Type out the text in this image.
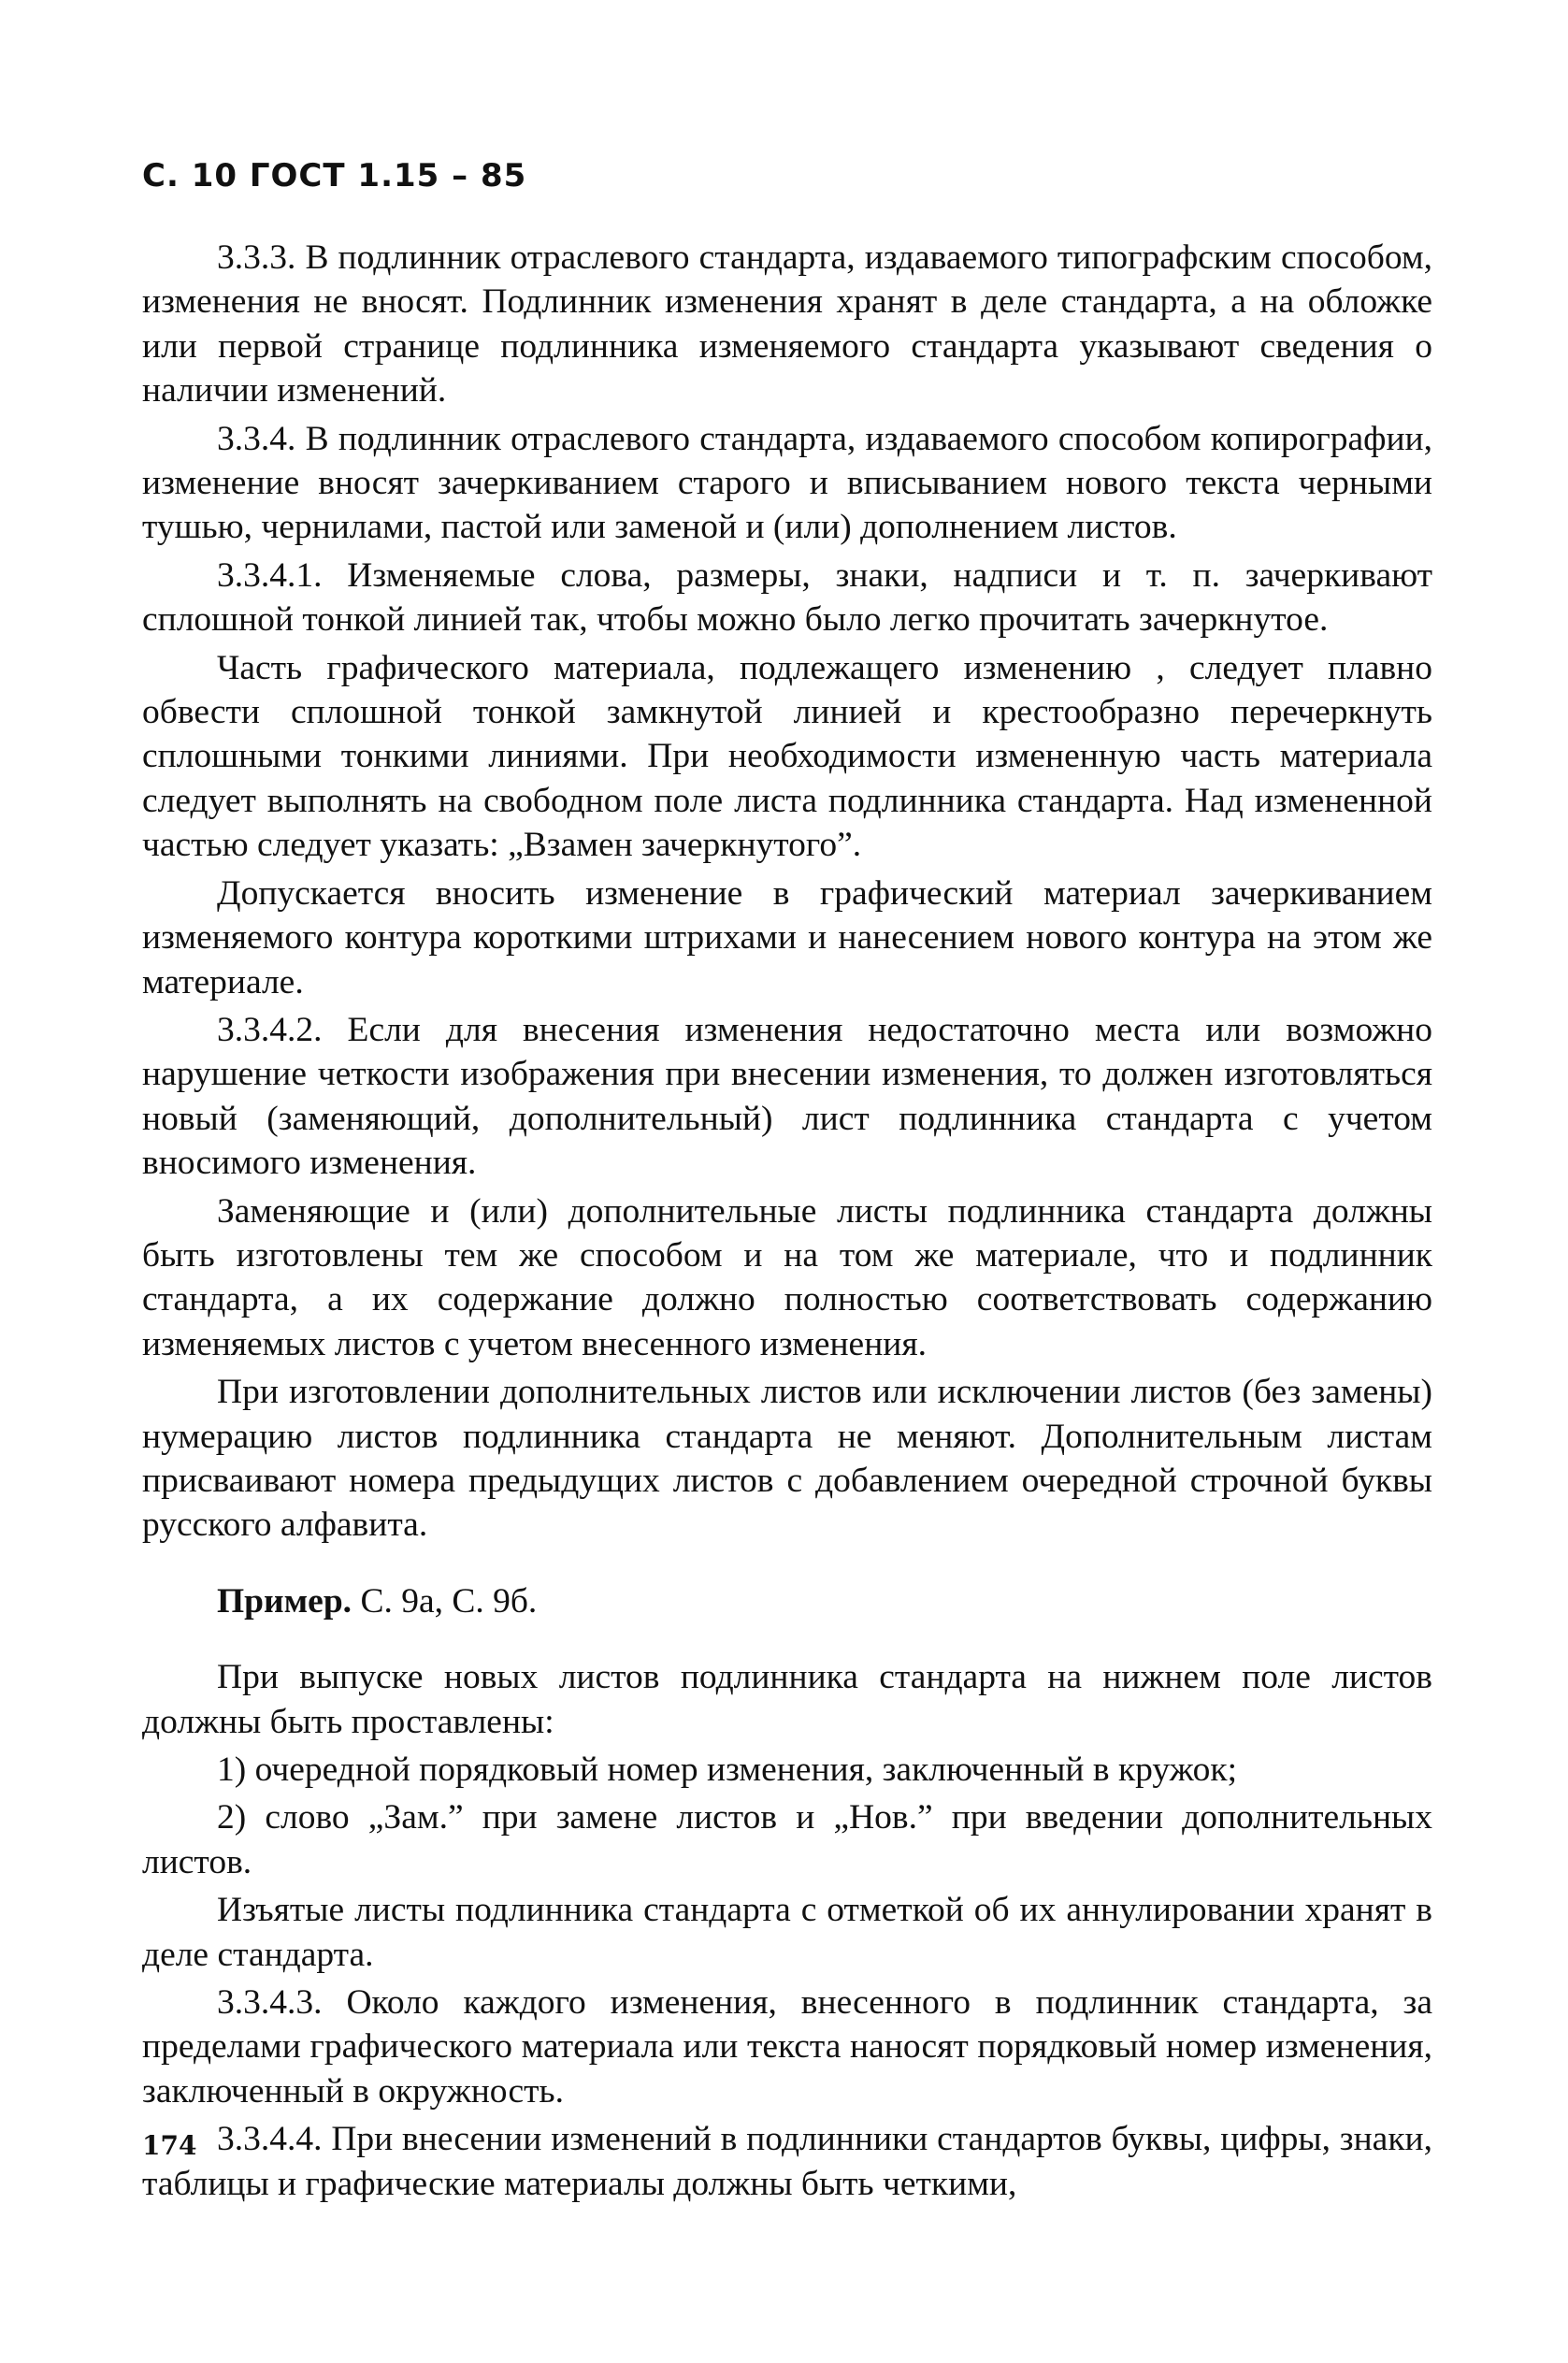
С. 10 ГОСТ 1.15 – 85

3.3.3. В подлинник отраслевого стандарта, издаваемого типографским способом, изменения не вносят. Подлинник изменения хранят в деле стандарта, а на обложке или первой странице подлинника изменяемого стандарта указывают сведения о наличии изменений.

3.3.4. В подлинник отраслевого стандарта, издаваемого способом копирографии, изменение вносят зачеркиванием старого и вписыванием нового текста черными тушью, чернилами, пастой или заменой и (или) дополнением листов.

3.3.4.1. Изменяемые слова, размеры, знаки, надписи и т. п. зачеркивают сплошной тонкой линией так, чтобы можно было легко прочитать зачеркнутое.

Часть графического материала, подлежащего изменению , следует плавно обвести сплошной тонкой замкнутой линией и крестообразно перечеркнуть сплошными тонкими линиями. При необходимости измененную часть материала следует выполнять на свободном поле листа подлинника стандарта. Над измененной частью следует указать: „Взамен зачеркнутого”.

Допускается вносить изменение в графический материал зачеркиванием изменяемого контура короткими штрихами и нанесением нового контура на этом же материале.

3.3.4.2. Если для внесения изменения недостаточно места или возможно нарушение четкости изображения при внесении изменения, то должен изготовляться новый (заменяющий, дополнительный) лист подлинника стандарта с учетом вносимого изменения.

Заменяющие и (или) дополнительные листы подлинника стандарта должны быть изготовлены тем же способом и на том же материале, что и подлинник стандарта, а их содержание должно полностью соответствовать содержанию изменяемых листов с учетом внесенного изменения.

При изготовлении дополнительных листов или исключении листов (без замены) нумерацию листов подлинника стандарта не меняют. Дополнительным листам присваивают номера предыдущих листов с добавлением очередной строчной буквы русского алфавита.

Пример. С. 9а, С. 9б.

При выпуске новых листов подлинника стандарта на нижнем поле листов должны быть проставлены:

1) очередной порядковый номер изменения, заключенный в кружок;

2) слово „Зам.” при замене листов и „Нов.” при введении дополнительных листов.

Изъятые листы подлинника стандарта с отметкой об их аннулировании хранят в деле стандарта.

3.3.4.3. Около каждого изменения, внесенного в подлинник стандарта, за пределами графического материала или текста наносят порядковый номер изменения, заключенный в окружность.

3.3.4.4. При внесении изменений в подлинники стандартов буквы, цифры, знаки, таблицы и графические материалы должны быть четкими,

174
